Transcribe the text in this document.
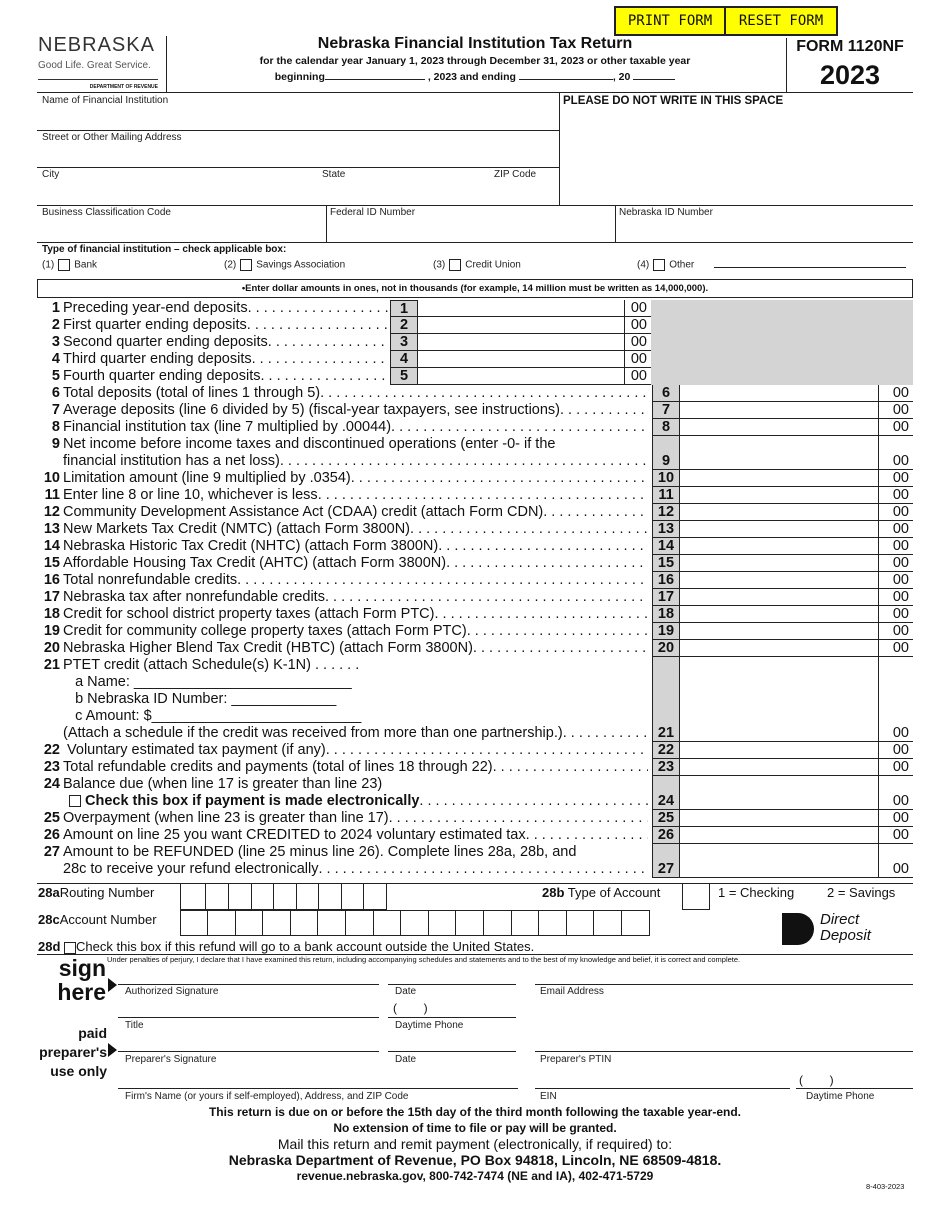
PRINT FORM	RESET FORM
NEBRASKA
Good Life. Great Service.
DEPARTMENT OF REVENUE
Nebraska Financial Institution Tax Return
for the calendar year January 1, 2023 through December 31, 2023 or other taxable year
beginning	, 2023 and ending	, 20
FORM 1120NF
2023
Name of Financial Institution
Street or Other Mailing Address
City	State	ZIP Code
PLEASE DO NOT WRITE IN THIS SPACE
Business Classification Code	Federal ID Number	Nebraska ID Number
Type of financial institution – check applicable box:
(1) Bank	(2) Savings Association	(3) Credit Union	(4) Other
•Enter dollar amounts in ones, not in thousands (for example, 14 million must be written as 14,000,000).
1 Preceding year-end deposits . . .	1	00
2 First quarter ending deposits . . .	2	00
3 Second quarter ending deposits . . .	3	00
4 Third quarter ending deposits . . .	4	00
5 Fourth quarter ending deposits . . .	5	00
6 Total deposits (total of lines 1 through 5) . . .	6	00
7 Average deposits (line 6 divided by 5) (fiscal-year taxpayers, see instructions) . . .	7	00
8 Financial institution tax (line 7 multiplied by .00044) . . .	8	00
9 Net income before income taxes and discontinued operations (enter -0- if the
financial institution has a net loss) . . .	9	00
10 Limitation amount (line 9 multiplied by .0354) . . .	10	00
11 Enter line 8 or line 10, whichever is less . . .	11	00
12 Community Development Assistance Act (CDAA) credit (attach Form CDN) . . .	12	00
13 New Markets Tax Credit (NMTC) (attach Form 3800N) . . .	13	00
14 Nebraska Historic Tax Credit (NHTC) (attach Form 3800N) . . .	14	00
15 Affordable Housing Tax Credit (AHTC) (attach Form 3800N) . . .	15	00
16 Total nonrefundable credits . . .	16	00
17 Nebraska tax after nonrefundable credits . . .	17	00
18 Credit for school district property taxes (attach Form PTC) . . .	18	00
19 Credit for community college property taxes (attach Form PTC) . . .	19	00
20 Nebraska Higher Blend Tax Credit (HBTC) (attach Form 3800N) . . .	20	00
21 PTET credit (attach Schedule(s) K-1N) . . . . . .
a Name: ___________________________
b Nebraska ID Number: _____________
c Amount: $__________________________
(Attach a schedule if the credit was received from more than one partnership.) . . .	21	00
22 Voluntary estimated tax payment (if any) . . .	22	00
23 Total refundable credits and payments (total of lines 18 through 22) . . .	23	00
24 Balance due (when line 17 is greater than line 23)
Check this box if payment is made electronically . . .	24	00
25 Overpayment (when line 23 is greater than line 17) . . .	25	00
26 Amount on line 25 you want CREDITED to 2024 voluntary estimated tax . . .	26	00
27 Amount to be REFUNDED (line 25 minus line 26). Complete lines 28a, 28b, and
28c to receive your refund electronically . . .	27	00
28aRouting Number	28b Type of Account	1 = Checking	2 = Savings
28cAccount Number
28d Check this box if this refund will go to a bank account outside the United States.
Direct
Deposit
Under penalties of perjury, I declare that I have examined this return, including accompanying schedules and statements and to the best of my knowledge and belief, it is correct and complete.
sign
here Authorized Signature	Date	Email Address
(        )
Title	Daytime Phone
paid
preparer's
use only
Preparer's Signature	Date	Preparer's PTIN
(        )
Firm's Name (or yours if self-employed), Address, and ZIP Code	EIN	Daytime Phone
This return is due on or before the 15th day of the third month following the taxable year-end.
No extension of time to file or pay will be granted.
Mail this return and remit payment (electronically, if required) to:
Nebraska Department of Revenue, PO Box 94818, Lincoln, NE 68509-4818.
revenue.nebraska.gov, 800-742-7474 (NE and IA), 402-471-5729
8-403-2023
